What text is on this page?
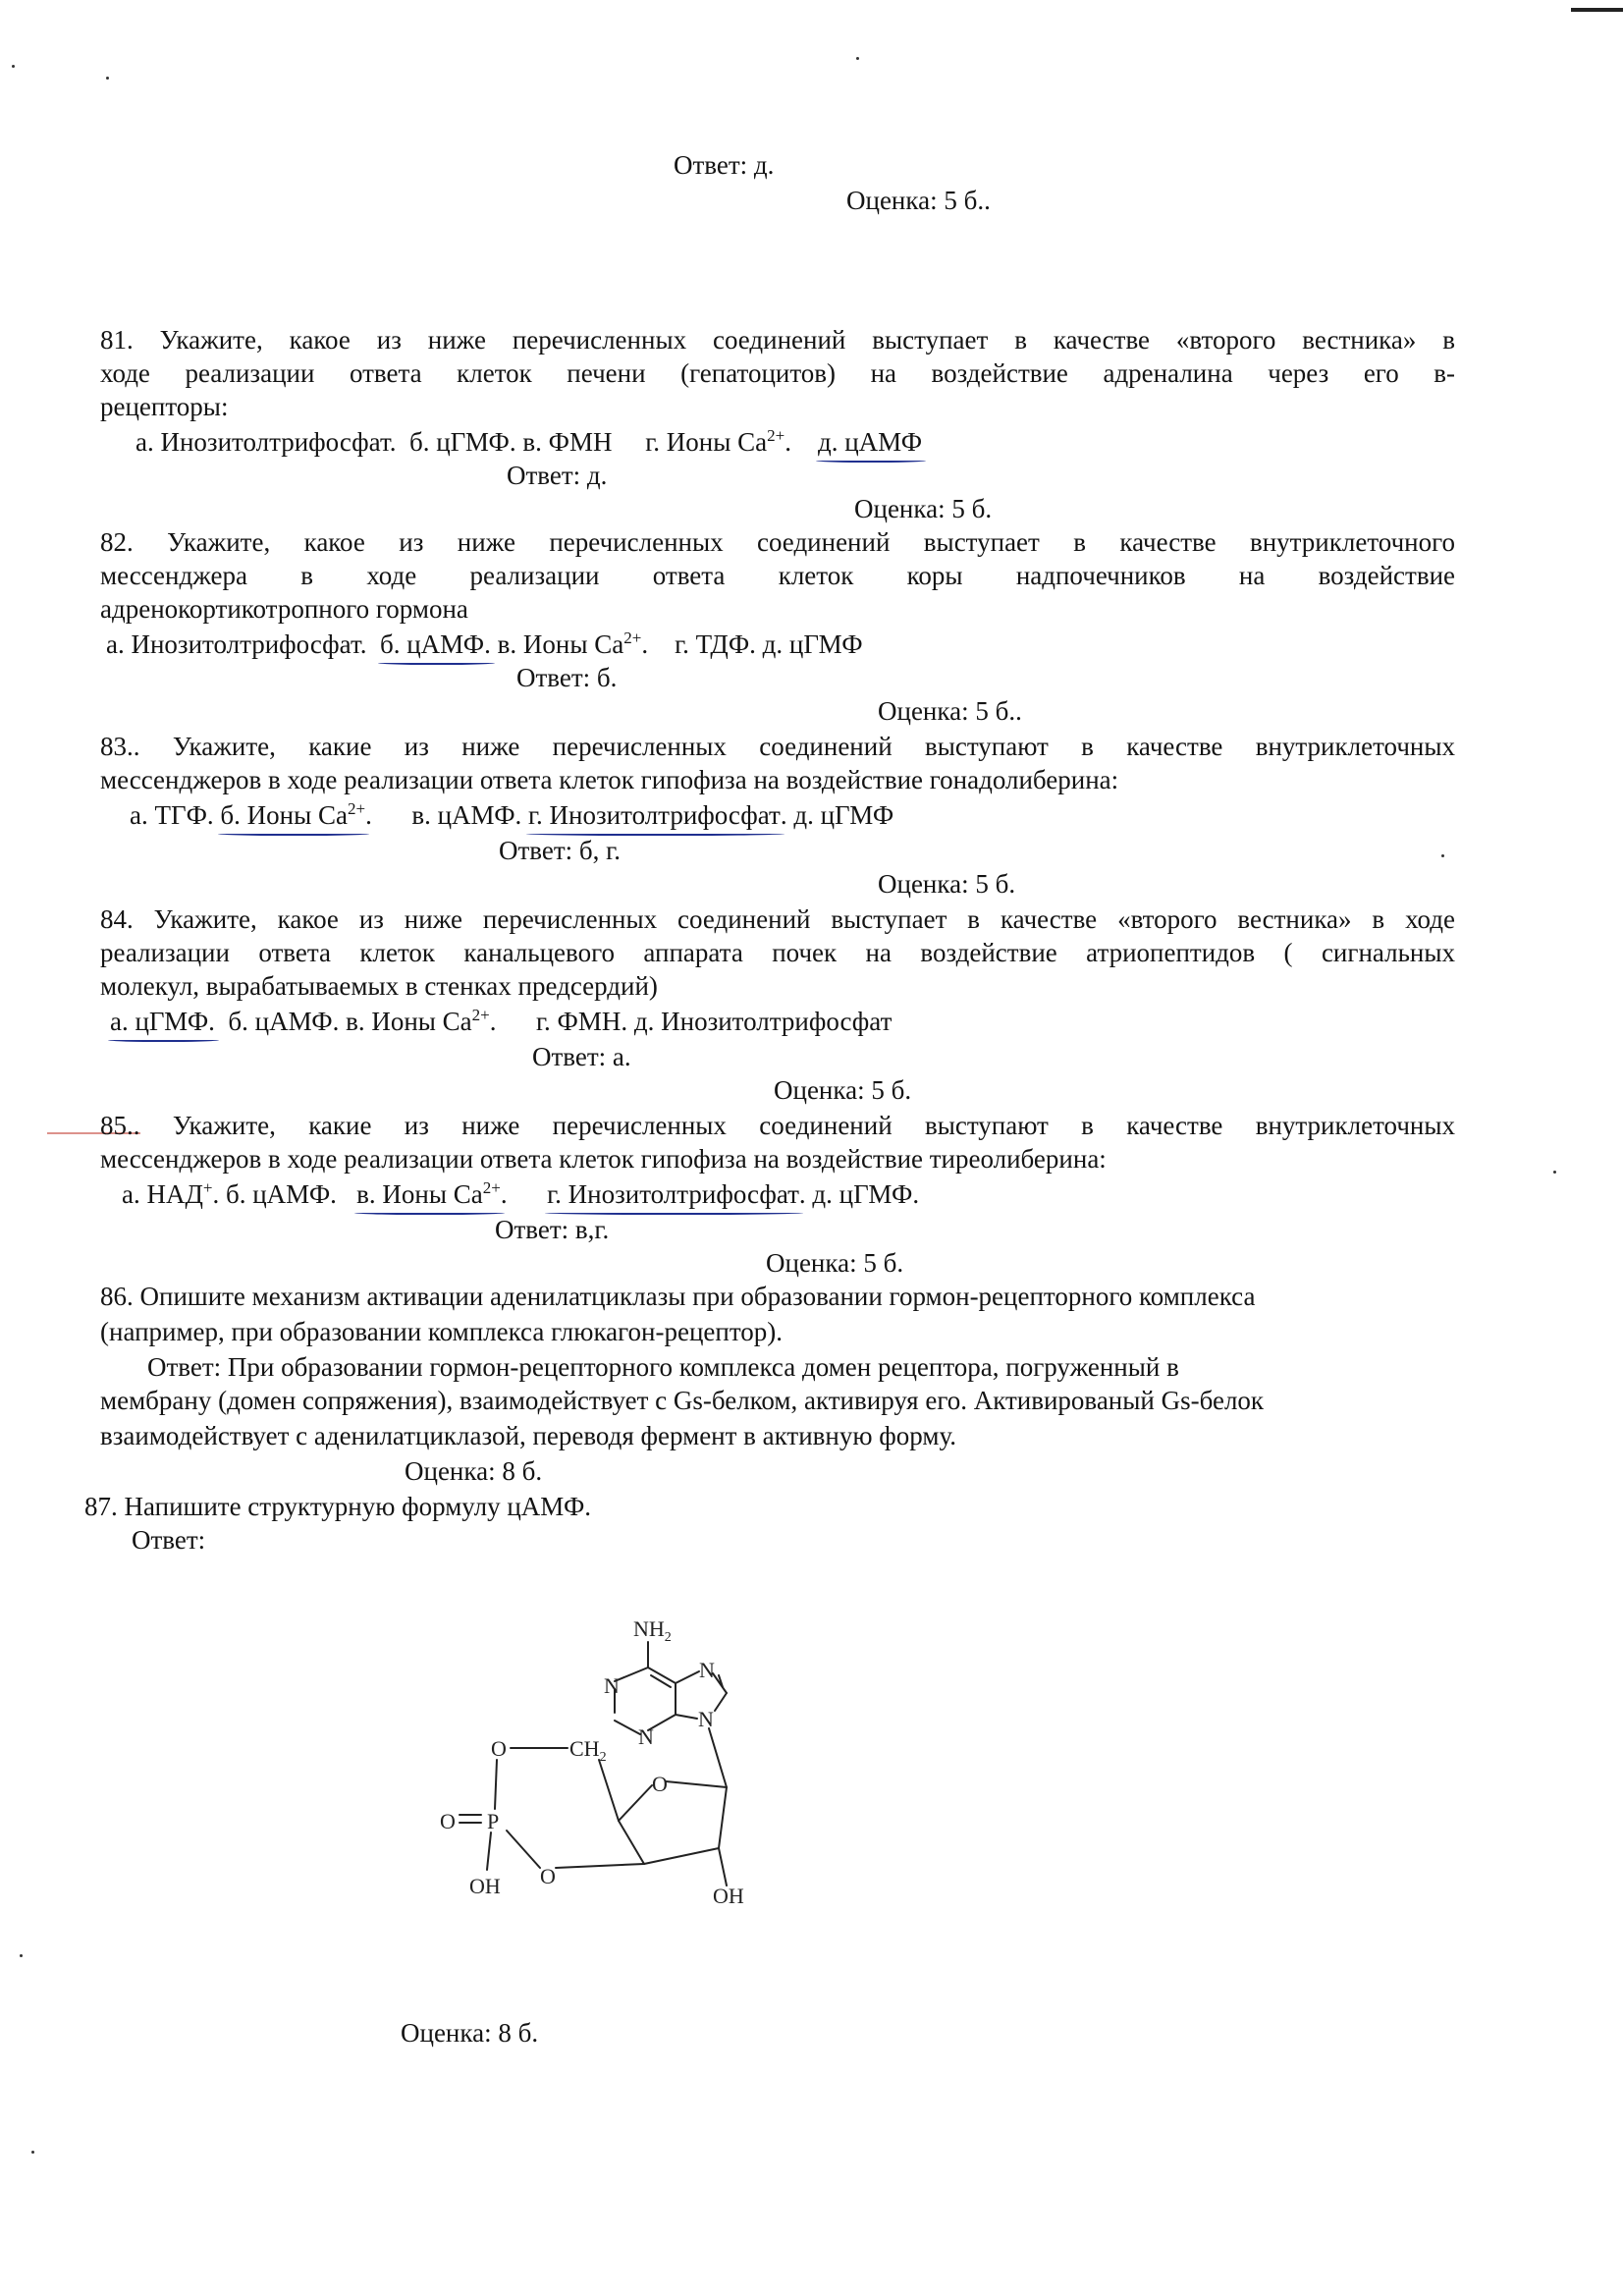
Ответ: д.
Оценка: 5 б..
81. Укажите, какое из ниже перечисленных соединений выступает в качестве «второго вестника» в
ходе реализации ответа клеток печени (гепатоцитов) на воздействие адреналина через его в-
рецепторы:
а. Инозитолтрифосфат. б. цГМФ. в. ФМН г. Ионы $Ca^{2+}$. д. цАМФ
Ответ: д.
Оценка: 5 б.
82. Укажите, какое из ниже перечисленных соединений выступает в качестве внутриклеточного
мессенджера в ходе реализации ответа клеток коры надпочечников на воздействие
адренокортикотропного гормона
а. Инозитолтрифосфат. б. цАМФ. в. Ионы $Ca^{2+}$. г. ТДФ. д. цГМФ
Ответ: б.
Оценка: 5 б..
83.. Укажите, какие из ниже перечисленных соединений выступают в качестве внутриклеточных
мессенджеров в ходе реализации ответа клеток гипофиза на воздействие гонадолиберина:
а. ТГФ. б. Ионы $Ca^{2+}$. в. цАМФ. г. Инозитолтрифосфат. д. цГМФ
Ответ: б, г.
Оценка: 5 б.
84. Укажите, какое из ниже перечисленных соединений выступает в качестве «второго вестника» в ходе
реализации ответа клеток канальцевого аппарата почек на воздействие атриопептидов ( сигнальных
молекул, вырабатываемых в стенках предсердий)
а. цГМФ. б. цАМФ. в. Ионы $Ca^{2+}$. г. ФМН. д. Инозитолтрифосфат
Ответ: а.
Оценка: 5 б.
85.. Укажите, какие из ниже перечисленных соединений выступают в качестве внутриклеточных
мессенджеров в ходе реализации ответа клеток гипофиза на воздействие тиреолиберина:
а. НАД+. б. цАМФ. в. Ионы $Ca^{2+}$. г. Инозитолтрифосфат. д. цГМФ.
Ответ: в,г.
Оценка: 5 б.
86. Опишите механизм активации аденилатциклазы при образовании гормон-рецепторного комплекса
(например, при образовании комплекса глюкагон-рецептор).
Ответ: При образовании гормон-рецепторного комплекса домен рецептора, погруженный в
мембрану (домен сопряжения), взаимодействует с Gs-белком, активируя его. Активированый Gs-белок
взаимодействует с аденилатциклазой, переводя фермент в активную форму.
Оценка: 8 б.
87. Напишите структурную формулу цАМФ.
Ответ:
$NH_2$
N
N
N
N
O
$CH_2$
O
P
O
O
OH	OH
Оценка: 8 б.
